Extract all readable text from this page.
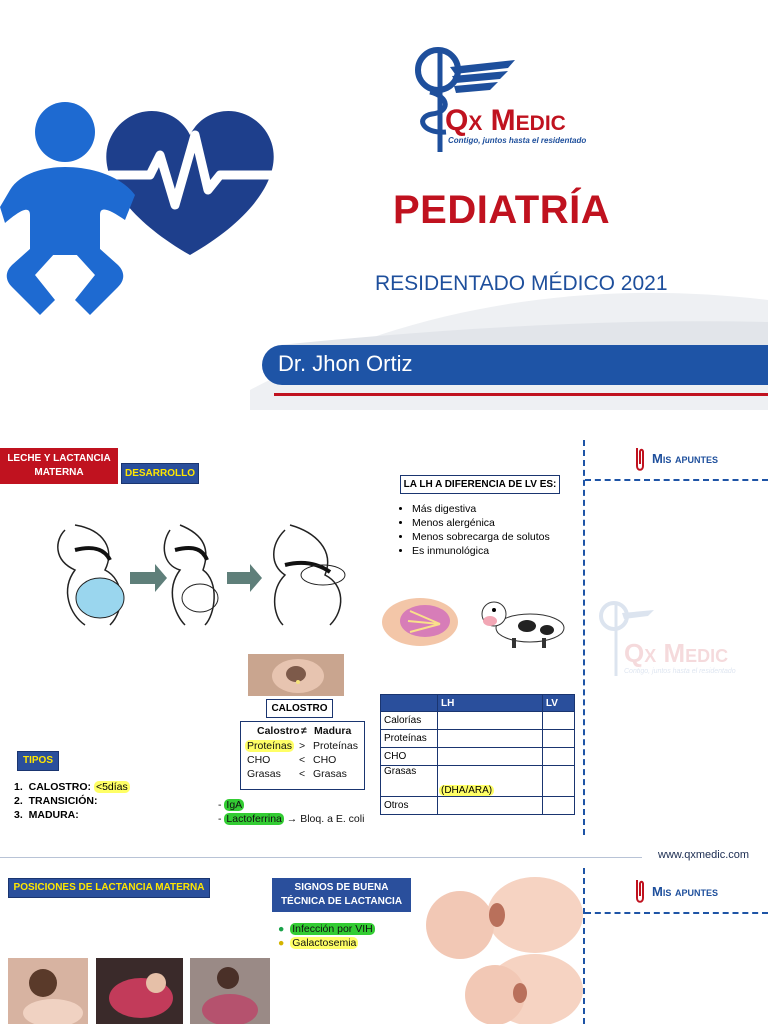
Qx Medic
Contigo, juntos hasta el residentado
PEDIATRÍA
RESIDENTADO MÉDICO 2021
Dr. Jhon Ortiz
LECHE Y LACTANCIA MATERNA	DESARROLLO
LA LH A DIFERENCIA DE LV ES:
• Más digestiva
• Menos alergénica
• Menos sobrecarga de solutos
• Es inmunológica
CALOSTRO
Calostro ≠ Madura
Proteínas > Proteínas
CHO	< CHO
Grasas < Grasas
TIPOS
1. CALOSTRO: <5días
2. TRANSICIÓN:
3. MADURA:
- IgA
- Lactoferrina → Bloq. a E. coli
	LH	LV
Calorías		
Proteínas		
CHO		
Grasas	(DHA/ARA)	
Otros		
Mis apuntes
Qx Medic
Contigo, juntos hasta el residentado
www.qxmedic.com
POSICIONES DE LACTANCIA MATERNA	SIGNOS DE BUENA TÉCNICA DE LACTANCIA
● Infección por VIH
● Galactosemia
Mis apuntes
